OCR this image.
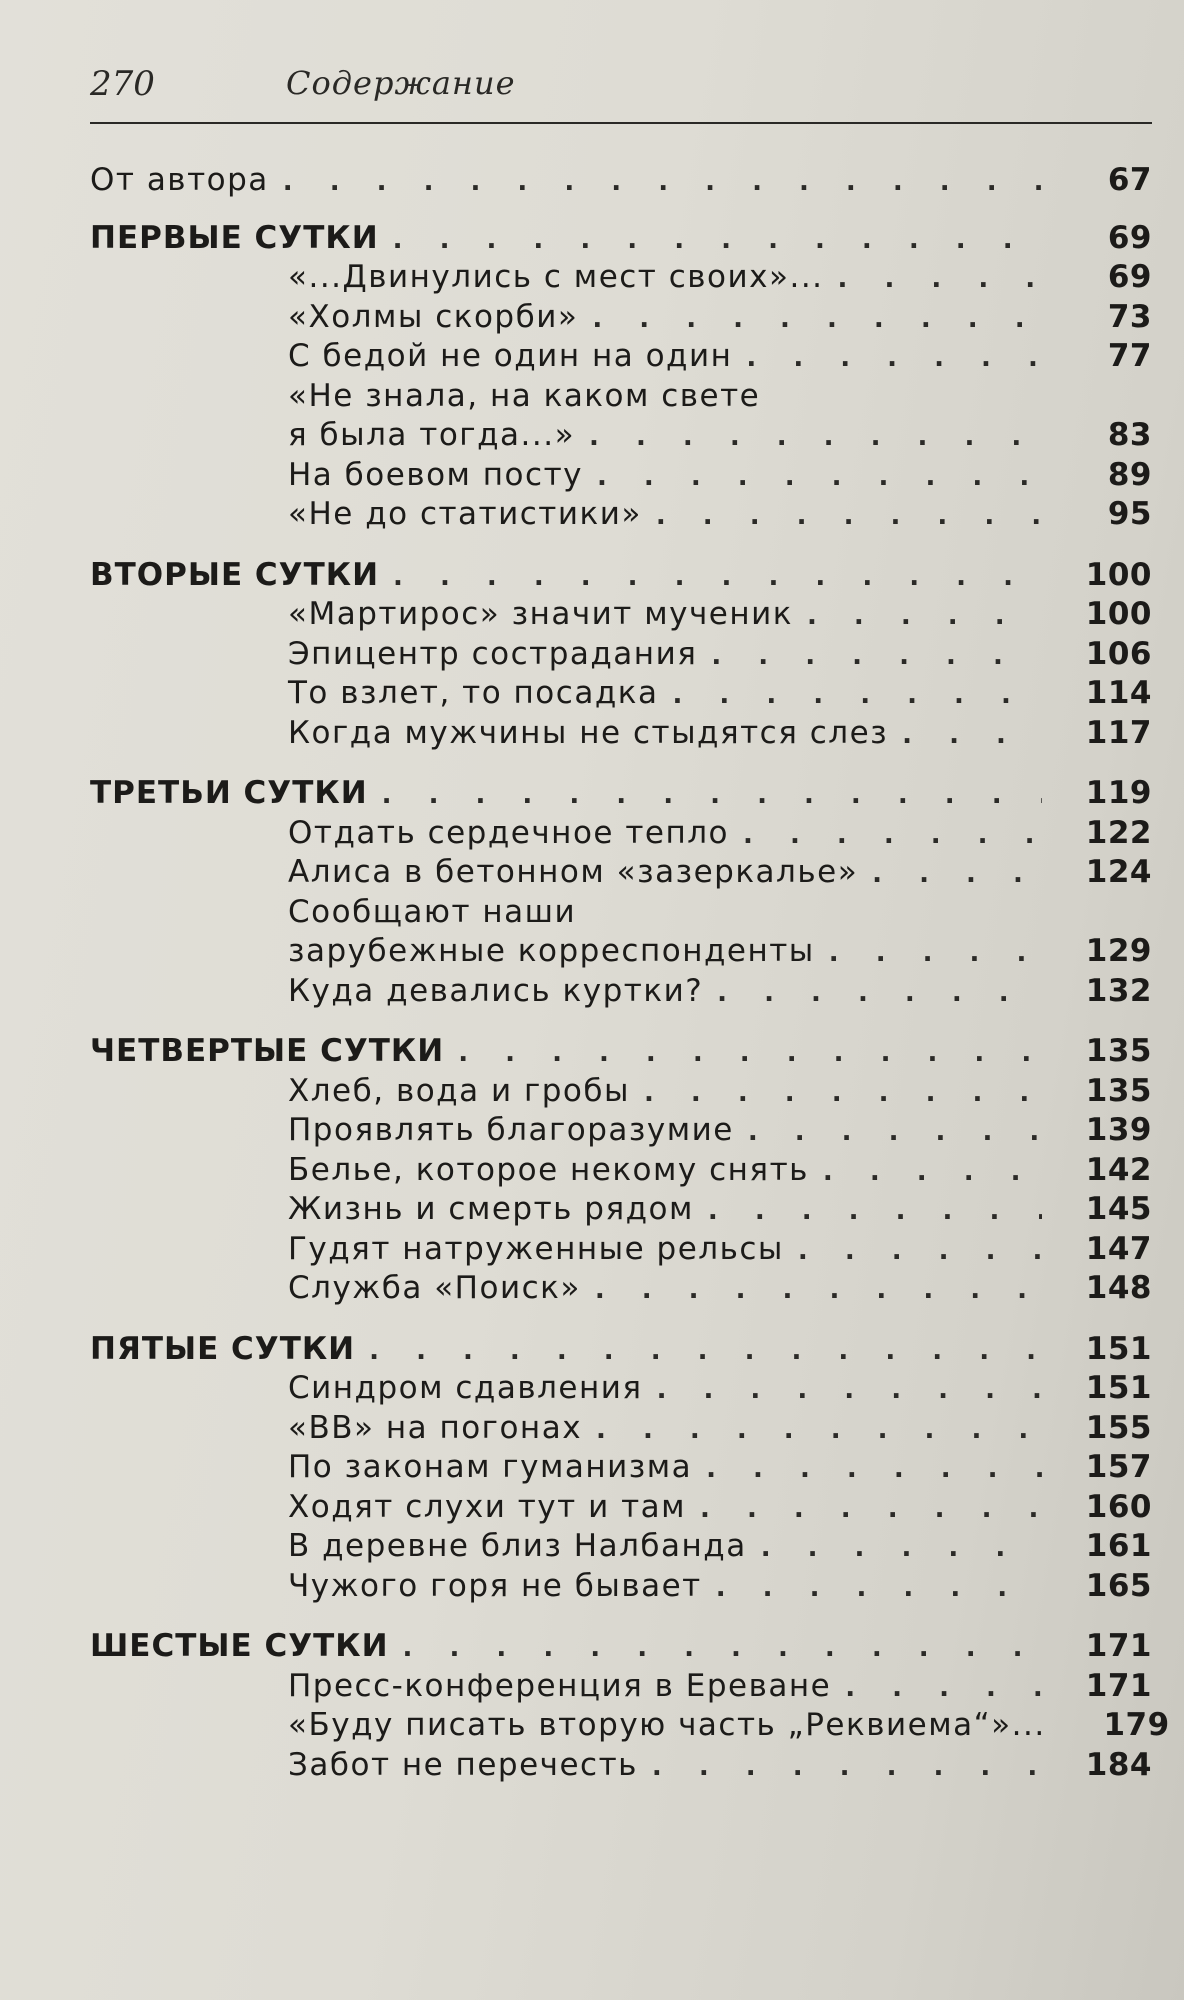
270	Содержание
От автора . . .	67
ПЕРВЫЕ СУТКИ . . .	69
«...Двинулись с мест своих»... . . .	69
«Холмы скорби» . . .	73
С бедой не один на один . . .	77
«Не знала, на каком свете
я была тогда...» . . .	83
На боевом посту . . .	89
«Не до статистики» . . .	95
ВТОРЫЕ СУТКИ . . .	100
«Мартирос» значит мученик . . .	100
Эпицентр сострадания . . .	106
То взлет, то посадка . . .	114
Когда мужчины не стыдятся слез . . .	117
ТРЕТЬИ СУТКИ . . .	119
Отдать сердечное тепло . . .	122
Алиса в бетонном «зазеркалье» . . .	124
Сообщают наши
зарубежные корреспонденты . . .	129
Куда девались куртки? . . .	132
ЧЕТВЕРТЫЕ СУТКИ . . .	135
Хлеб, вода и гробы . . .	135
Проявлять благоразумие . . .	139
Белье, которое некому снять . . .	142
Жизнь и смерть рядом . . .	145
Гудят натруженные рельсы . . .	147
Служба «Поиск» . . .	148
ПЯТЫЕ СУТКИ . . .	151
Синдром сдавления . . .	151
«ВВ» на погонах . . .	155
По законам гуманизма . . .	157
Ходят слухи тут и там . . .	160
В деревне близ Налбанда . . .	161
Чужого горя не бывает . . .	165
ШЕСТЫЕ СУТКИ . . .	171
Пресс-конференция в Ереване . . .	171
«Буду писать вторую часть „Реквиема“»...	179
Забот не перечесть . . .	184
